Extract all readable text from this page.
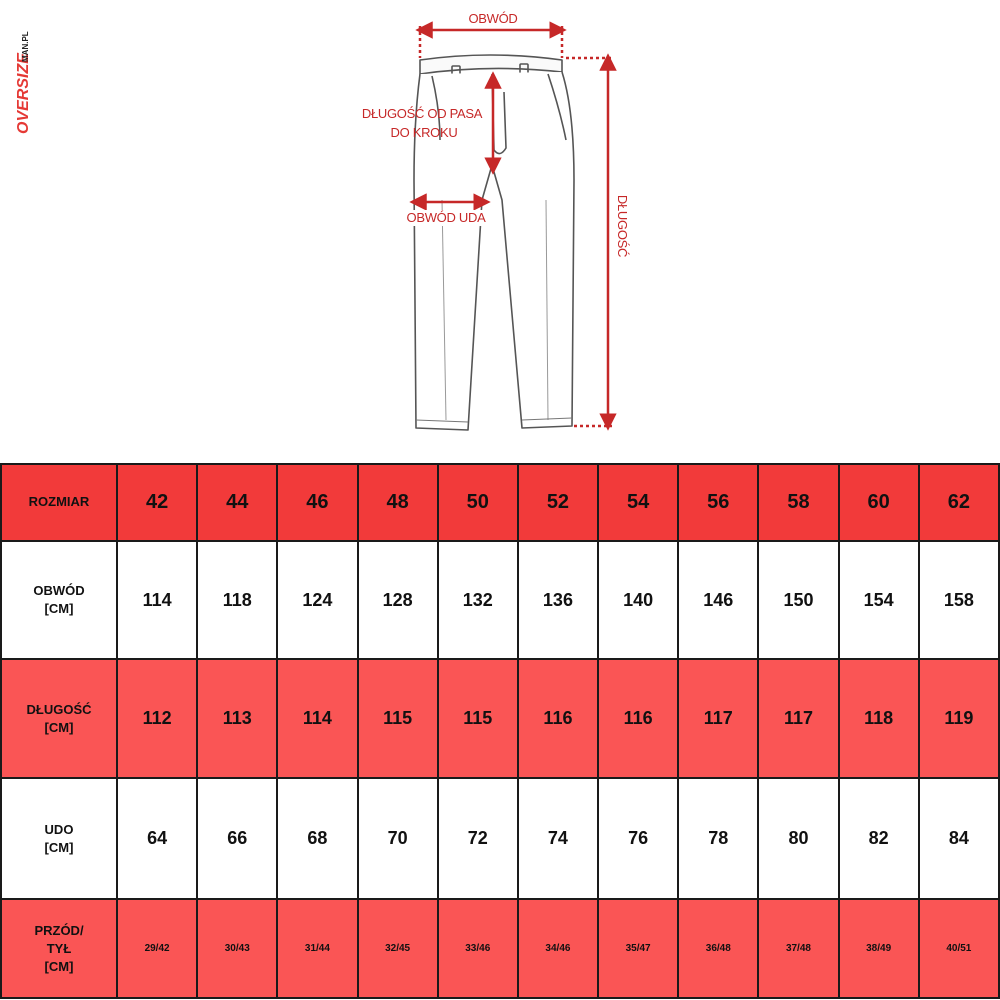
OVERSIZE
MAN.PL
OBWÓD
DŁUGOŚĆ OD PASA
DO KROKU
OBWÓD UDA	DŁUGOŚĆ
ROZMIAR	42	44	46	48	50	52	54	56	58	60	62

OBWÓD
[CM]	114	118	124	128	132	136	140	146	150	154	158

DŁUGOŚĆ
[CM]	112	113	114	115	115	116	116	117	117	118	119

UDO
[CM]	64	66	68	70	72	74	76	78	80	82	84

PRZÓD/
TYŁ
[CM]	29/42	30/43	31/44	32/45	33/46	34/46	35/47	36/48	37/48	38/49	40/51
